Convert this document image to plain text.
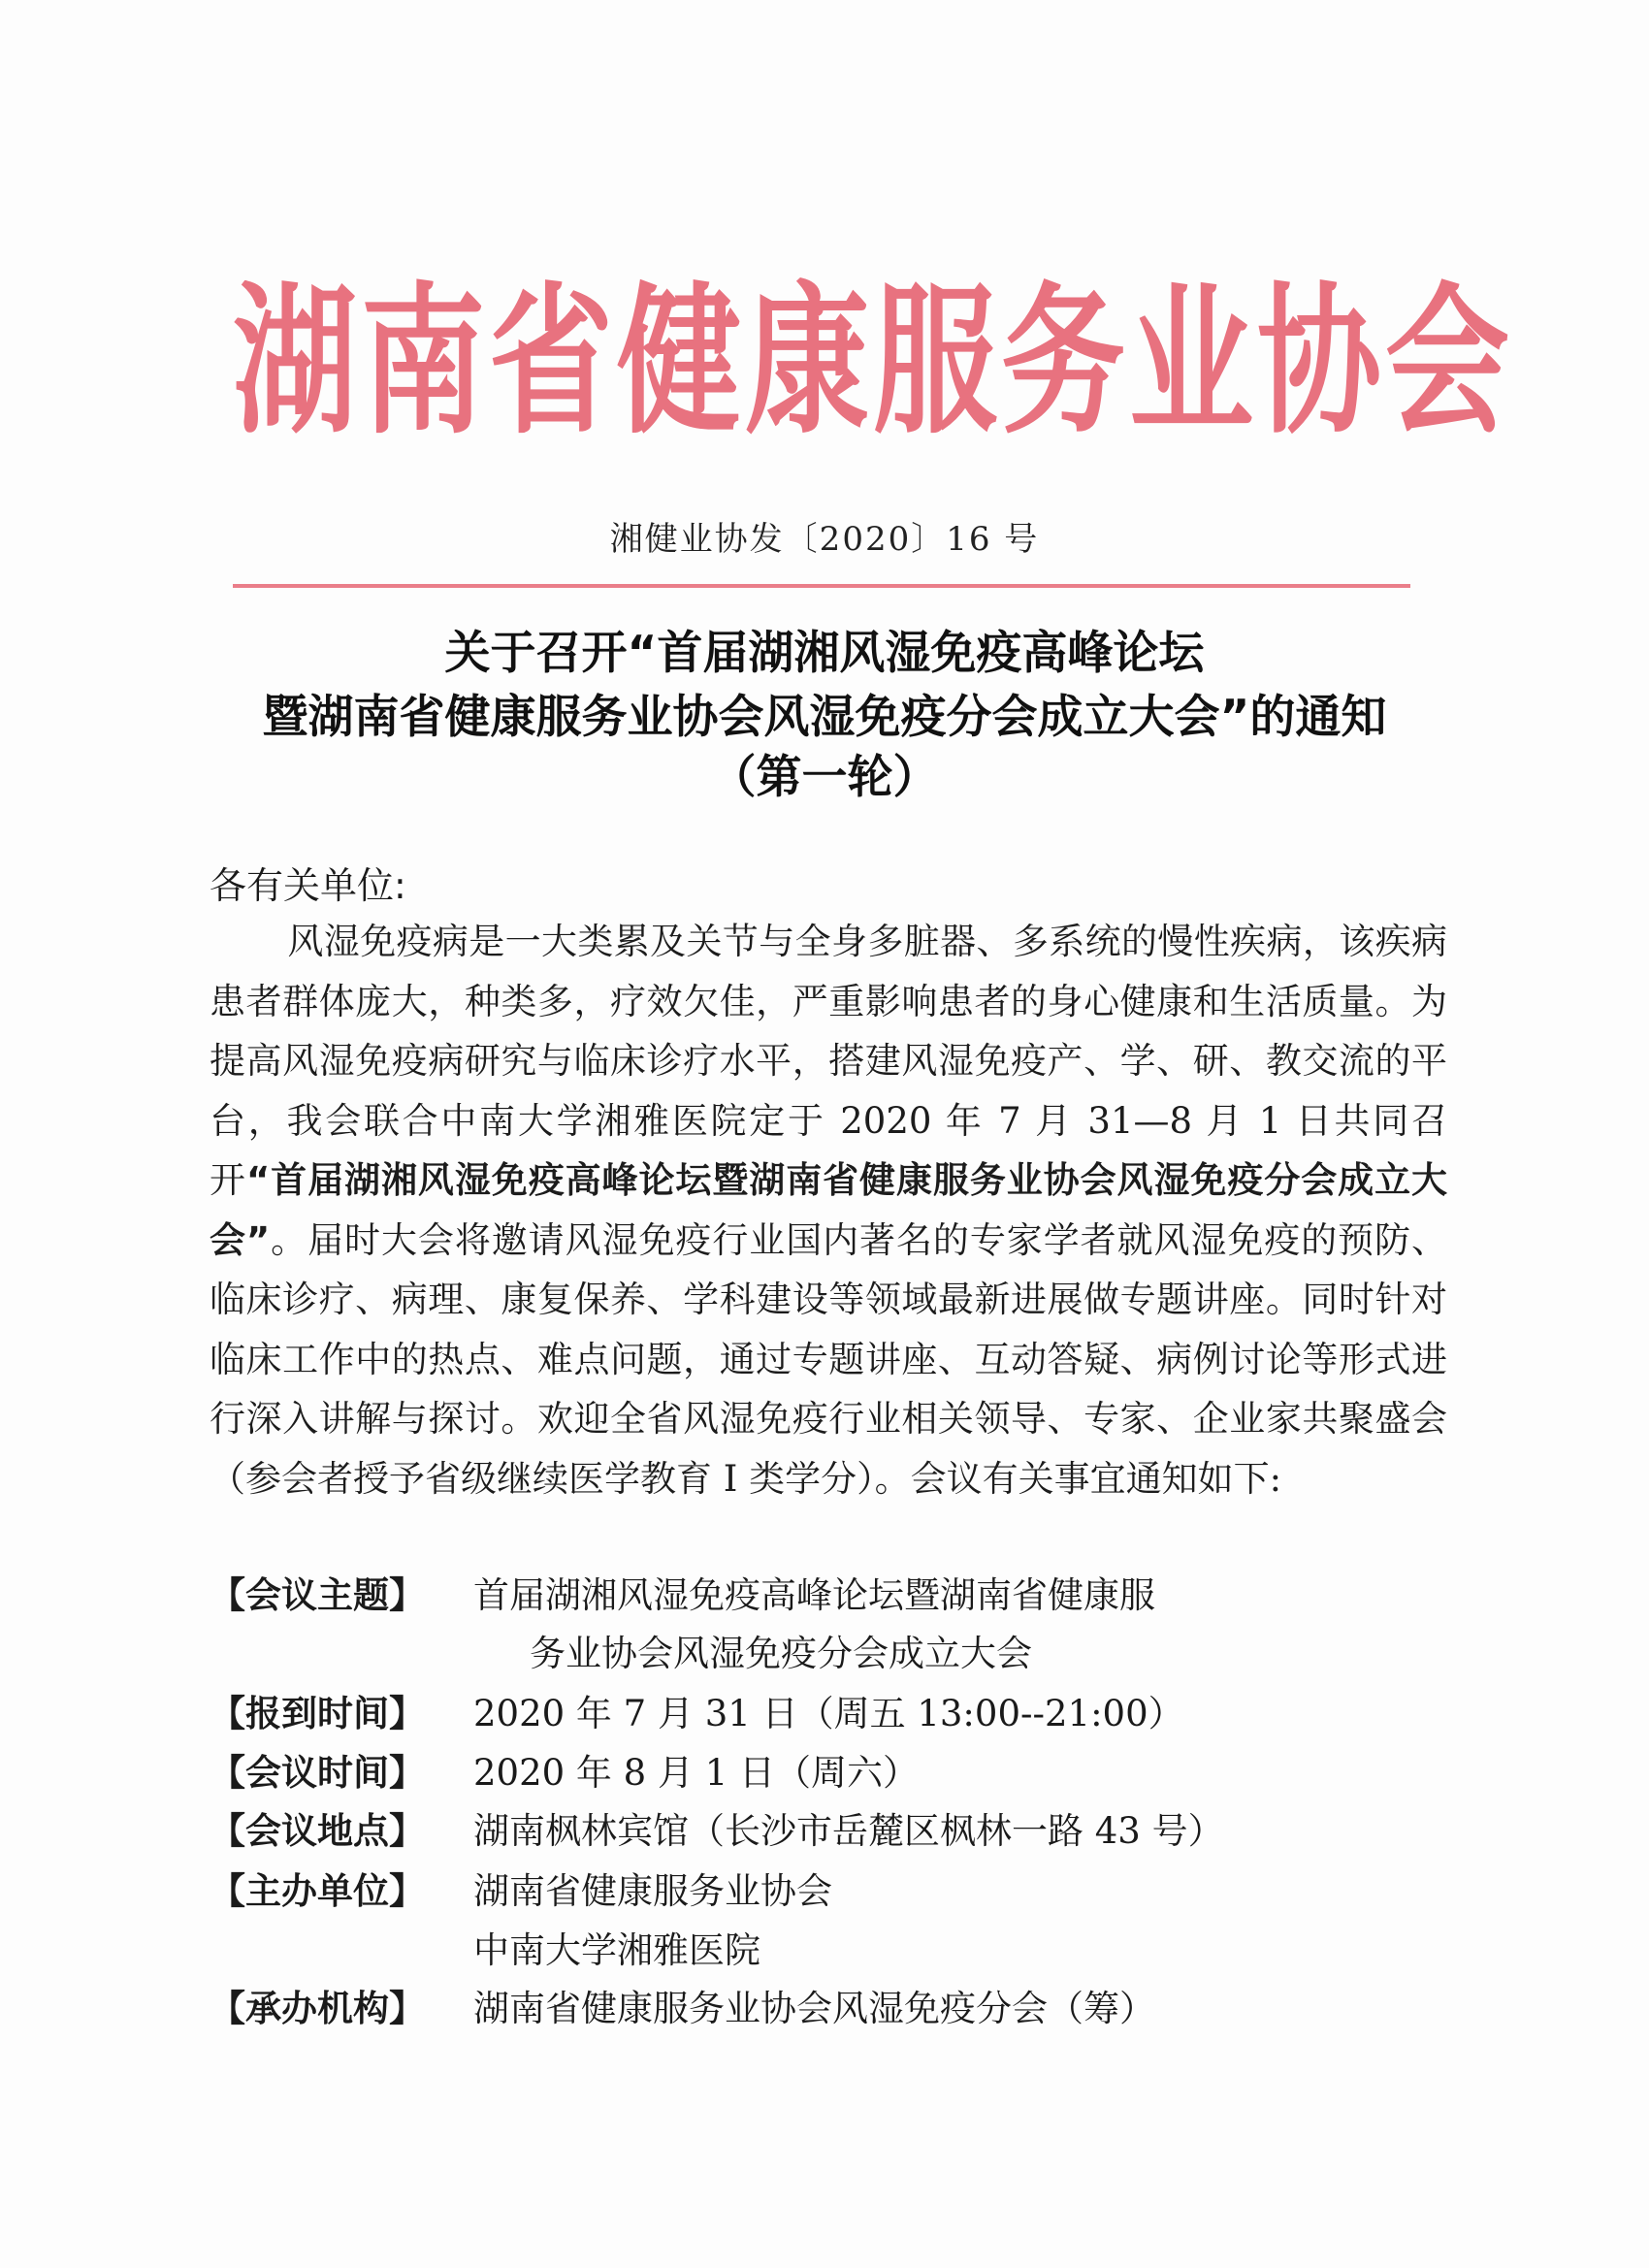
湖南省健康服务业协会
湘健业协发〔2020〕16 号
关于召开“首届湖湘风湿免疫高峰论坛
暨湖南省健康服务业协会风湿免疫分会成立大会”的通知
（第一轮）
各有关单位:
风湿免疫病是一大类累及关节与全身多脏器、多系统的慢性疾病，该疾病患者群体庞大，种类多，疗效欠佳，严重影响患者的身心健康和生活质量。为提高风湿免疫病研究与临床诊疗水平，搭建风湿免疫产、学、研、教交流的平台，我会联合中南大学湘雅医院定于 2020 年 7 月 31—8 月 1 日共同召开“首届湖湘风湿免疫高峰论坛暨湖南省健康服务业协会风湿免疫分会成立大会”。届时大会将邀请风湿免疫行业国内著名的专家学者就风湿免疫的预防、临床诊疗、病理、康复保养、学科建设等领域最新进展做专题讲座。同时针对临床工作中的热点、难点问题，通过专题讲座、互动答疑、病例讨论等形式进行深入讲解与探讨。欢迎全省风湿免疫行业相关领导、专家、企业家共聚盛会（参会者授予省级继续医学教育 I 类学分）。会议有关事宜通知如下:
【会议主题】 首届湖湘风湿免疫高峰论坛暨湖南省健康服
务业协会风湿免疫分会成立大会
【报到时间】 2020 年 7 月 31 日（周五 13:00--21:00）
【会议时间】 2020 年 8 月 1 日（周六）
【会议地点】 湖南枫林宾馆（长沙市岳麓区枫林一路 43 号）
【主办单位】 湖南省健康服务业协会
中南大学湘雅医院
【承办机构】 湖南省健康服务业协会风湿免疫分会（筹）
